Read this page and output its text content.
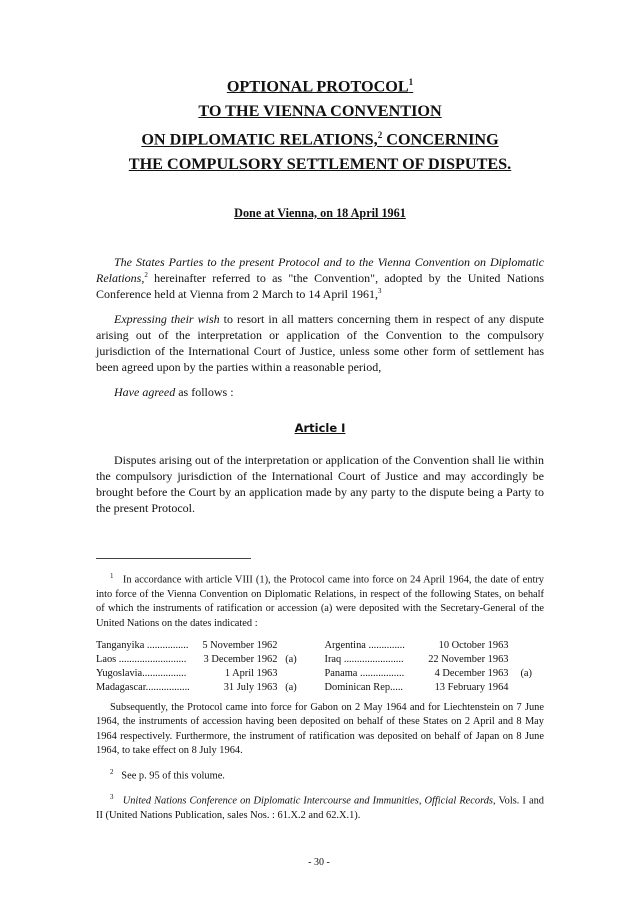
OPTIONAL PROTOCOL$^1$
TO THE VIENNA CONVENTION
ON DIPLOMATIC RELATIONS,$^2$ CONCERNING
THE COMPULSORY SETTLEMENT OF DISPUTES.
Done at Vienna, on 18 April 1961

The States Parties to the present Protocol and to the Vienna Convention on Diplomatic Relations,$^2$ hereinafter referred to as "the Convention", adopted by the United Nations Conference held at Vienna from 2 March to 14 April 1961,$^3$

Expressing their wish to resort in all matters concerning them in respect of any dispute arising out of the interpretation or application of the Convention to the compulsory jurisdiction of the International Court of Justice, unless some other form of settlement has been agreed upon by the parties within a reasonable period,

Have agreed as follows :

Article I

Disputes arising out of the interpretation or application of the Convention shall lie within the compulsory jurisdiction of the International Court of Justice and may accordingly be brought before the Court by an application made by any party to the dispute being a Party to the present Protocol.

$^1$ In accordance with article VIII (1), the Protocol came into force on 24 April 1964, the date of entry into force of the Vienna Convention on Diplomatic Relations, in respect of the following States, on behalf of which the instruments of ratification or accession (a) were deposited with the Secretary-General of the United Nations on the dates indicated :

Tanganyika ................	5 November 1962		Argentina ..............	10 October 1963	
Laos ..........................	3 December 1962	(a)	Iraq .......................	22 November 1963	
Yugoslavia.................	1 April 1963		Panama .................	4 December 1963	(a)
Madagascar.................	31 July 1963	(a)	Dominican Rep.....	13 February 1964	

Subsequently, the Protocol came into force for Gabon on 2 May 1964 and for Liechtenstein on 7 June 1964, the instruments of accession having been deposited on behalf of these States on 2 April and 8 May 1964 respectively. Furthermore, the instrument of ratification was deposited on behalf of Japan on 8 June 1964, to take effect on 8 July 1964.

$^2$ See p. 95 of this volume.

$^3$ United Nations Conference on Diplomatic Intercourse and Immunities, Official Records, Vols. I and II (United Nations Publication, sales Nos. : 61.X.2 and 62.X.1).

- 30 -
